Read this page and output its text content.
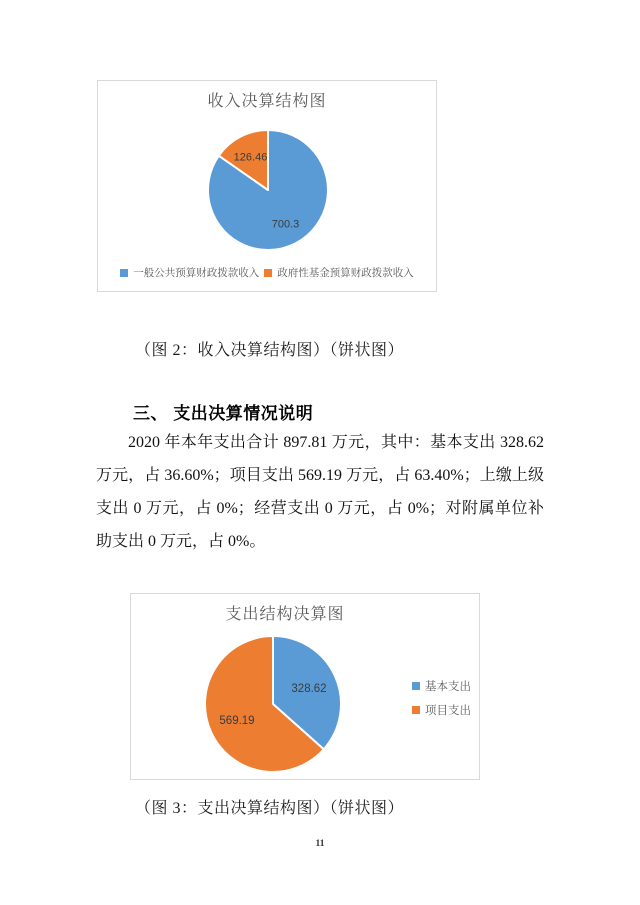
700.3
126.46
收入决算结构图
一般公共预算财政拨款收入 政府性基金预算财政拨款收入
（图 2：收入决算结构图）（饼状图）
三、 支出决算情况说明
2020 年本年支出合计 897.81 万元，其中：基本支出 328.62 万元，占 36.60%；项目支出 569.19 万元，占 63.40%；上缴上级支出 0 万元，占 0%；经营支出 0 万元，占 0%；对附属单位补助支出 0 万元，占 0%。
328.62
569.19
支出结构决算图
基本支出
项目支出
（图 3：支出决算结构图）（饼状图）
11
